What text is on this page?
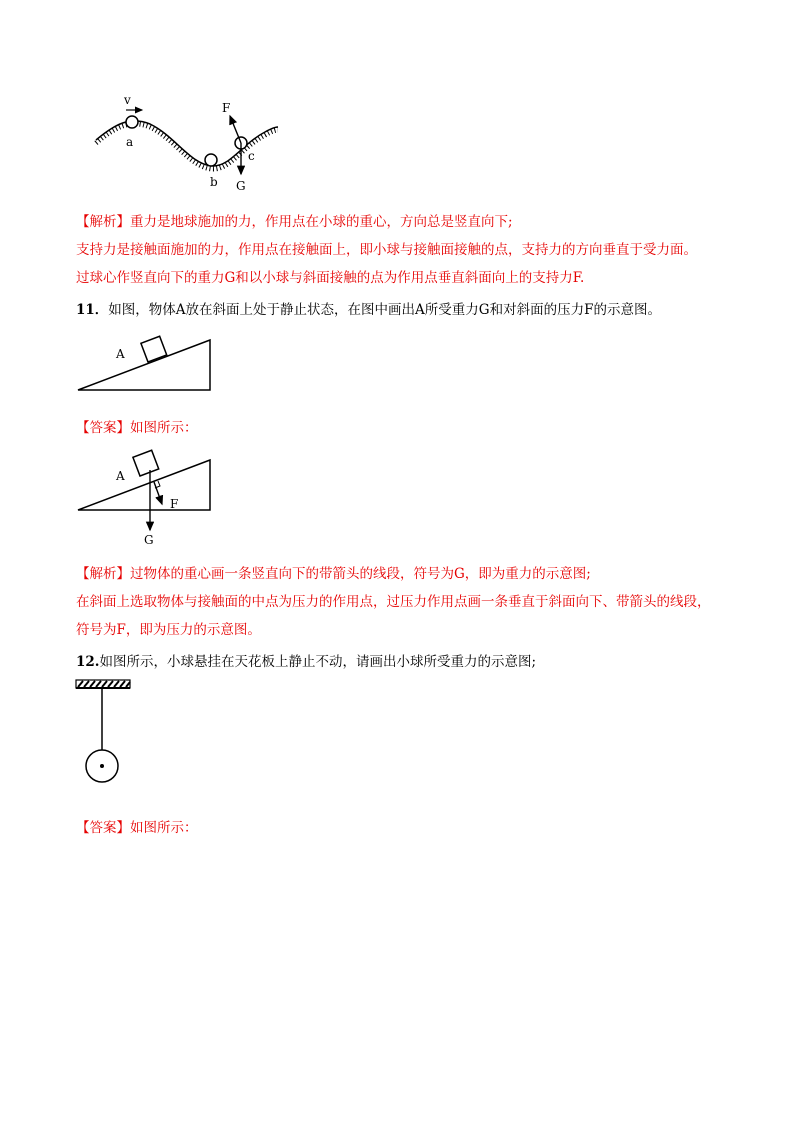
v
F
a
b
c
G
【解析】重力是地球施加的力，作用点在小球的重心，方向总是竖直向下;
支持力是接触面施加的力，作用点在接触面上，即小球与接触面接触的点，支持力的方向垂直于受力面。
过球心作竖直向下的重力G和以小球与斜面接触的点为作用点垂直斜面向上的支持力F.
11．如图，物体A放在斜面上处于静止状态，在图中画出A所受重力G和对斜面的压力F的示意图。
A
【答案】如图所示：
A
F
G
【解析】过物体的重心画一条竖直向下的带箭头的线段，符号为G，即为重力的示意图;
在斜面上选取物体与接触面的中点为压力的作用点，过压力作用点画一条垂直于斜面向下、带箭头的线段，
符号为F，即为压力的示意图。
12.如图所示，小球悬挂在天花板上静止不动，请画出小球所受重力的示意图;
【答案】如图所示：
